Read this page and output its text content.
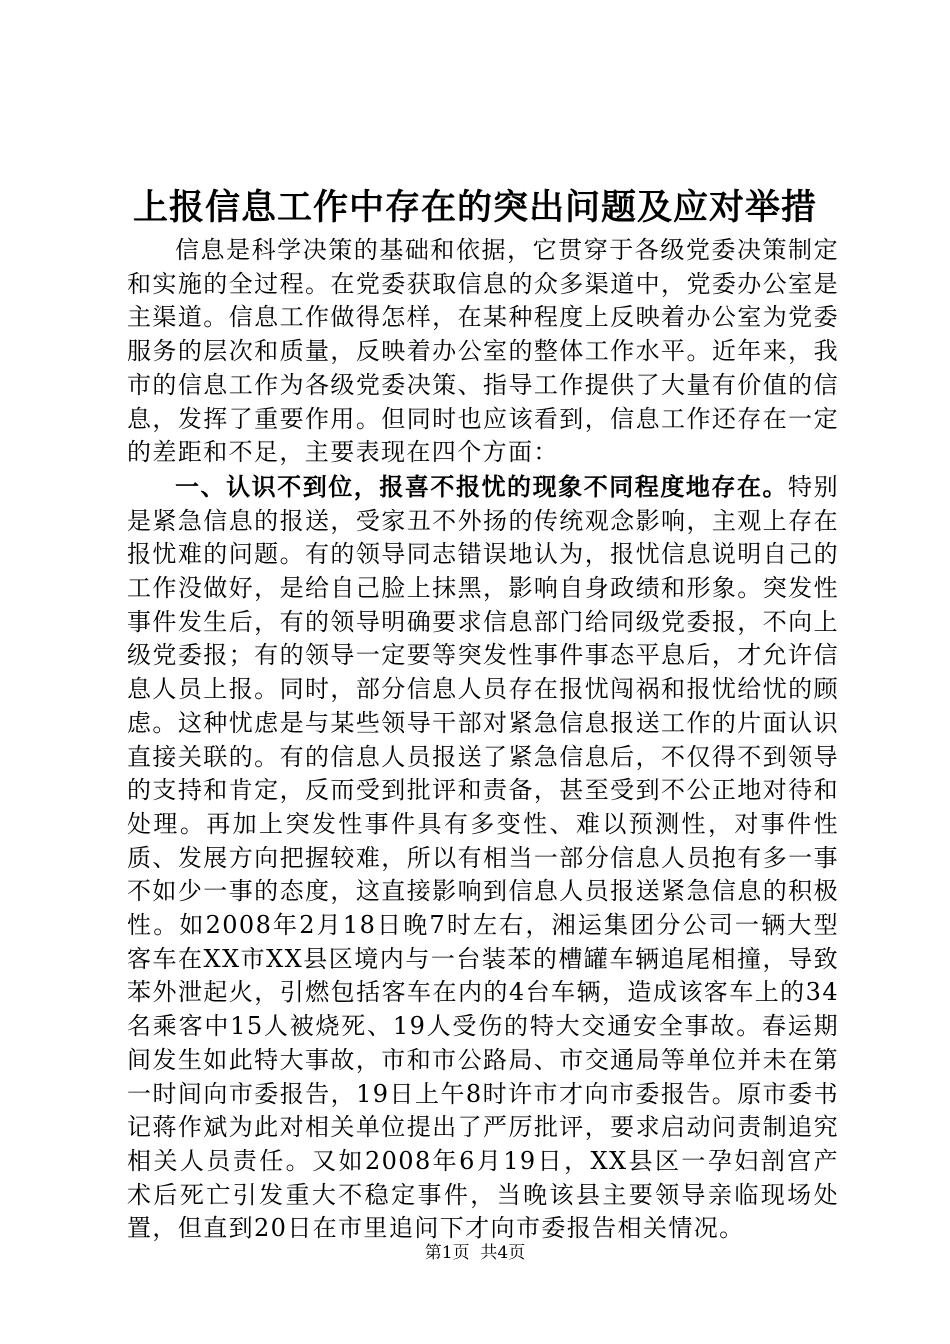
上报信息工作中存在的突出问题及应对举措

信息是科学决策的基础和依据，它贯穿于各级党委决策制定和实施的全过程。在党委获取信息的众多渠道中，党委办公室是主渠道。信息工作做得怎样，在某种程度上反映着办公室为党委服务的层次和质量，反映着办公室的整体工作水平。近年来，我市的信息工作为各级党委决策、指导工作提供了大量有价值的信息，发挥了重要作用。但同时也应该看到，信息工作还存在一定的差距和不足，主要表现在四个方面：

一、认识不到位，报喜不报忧的现象不同程度地存在。特别是紧急信息的报送，受家丑不外扬的传统观念影响，主观上存在报忧难的问题。有的领导同志错误地认为，报忧信息说明自己的工作没做好，是给自己脸上抹黑，影响自身政绩和形象。突发性事件发生后，有的领导明确要求信息部门给同级党委报，不向上级党委报；有的领导一定要等突发性事件事态平息后，才允许信息人员上报。同时，部分信息人员存在报忧闯祸和报忧给忧的顾虑。这种忧虑是与某些领导干部对紧急信息报送工作的片面认识直接关联的。有的信息人员报送了紧急信息后，不仅得不到领导的支持和肯定，反而受到批评和责备，甚至受到不公正地对待和处理。再加上突发性事件具有多变性、难以预测性，对事件性质、发展方向把握较难，所以有相当一部分信息人员抱有多一事不如少一事的态度，这直接影响到信息人员报送紧急信息的积极性。如2008年2月18日晚7时左右，湘运集团分公司一辆大型客车在XX市XX县区境内与一台装苯的槽罐车辆追尾相撞，导致苯外泄起火，引燃包括客车在内的4台车辆，造成该客车上的34名乘客中15人被烧死、19人受伤的特大交通安全事故。春运期间发生如此特大事故，市和市公路局、市交通局等单位并未在第一时间向市委报告，19日上午8时许市才向市委报告。原市委书记蒋作斌为此对相关单位提出了严厉批评，要求启动问责制追究相关人员责任。又如2008年6月19日，XX县区一孕妇剖宫产术后死亡引发重大不稳定事件，当晚该县主要领导亲临现场处置，但直到20日在市里追问下才向市委报告相关情况。

第1页 共4页
